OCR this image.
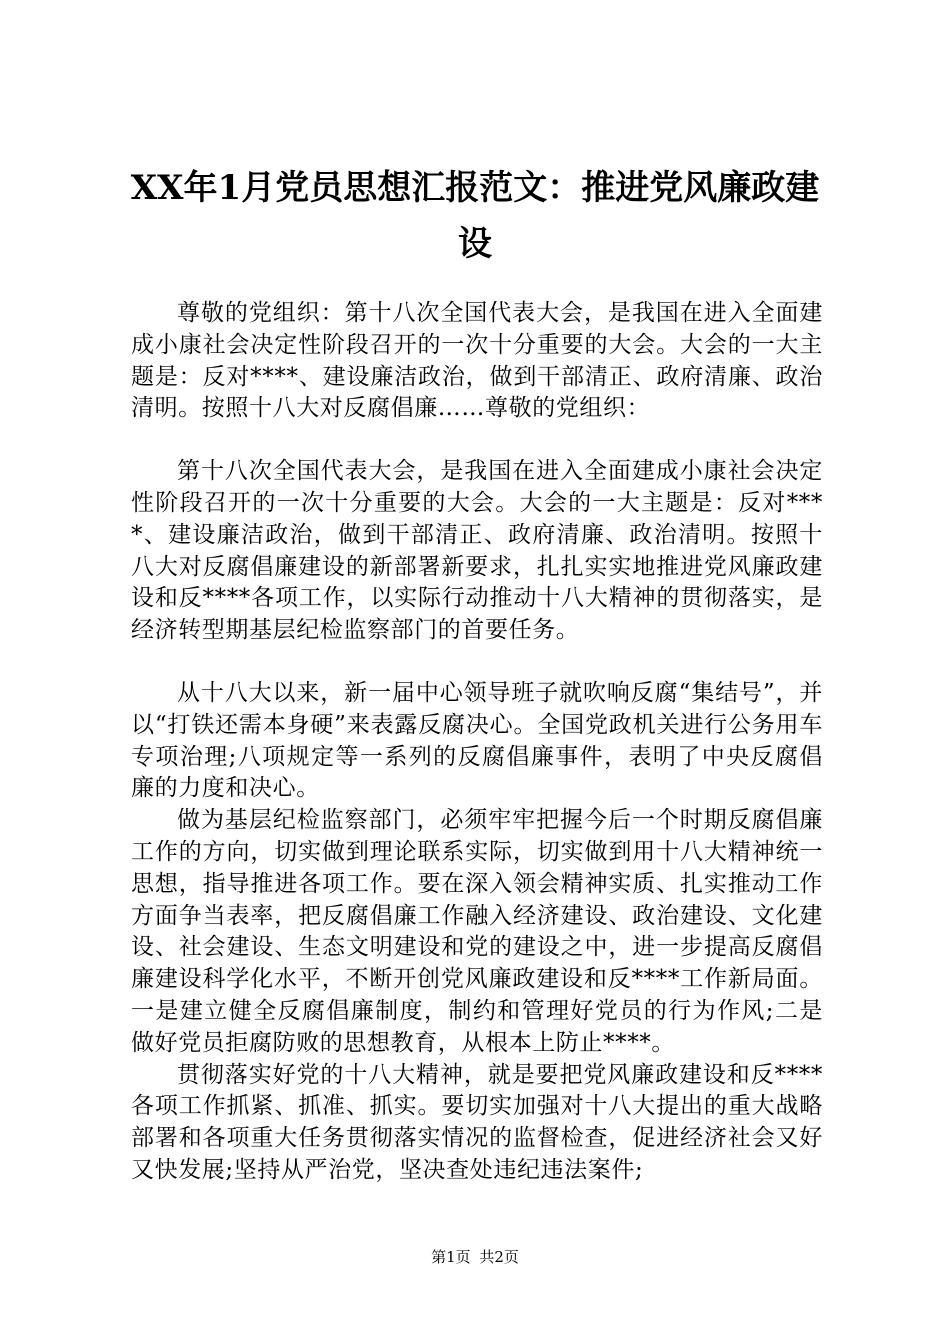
XX年1月党员思想汇报范文：推进党风廉政建设

尊敬的党组织：第十八次全国代表大会，是我国在进入全面建成小康社会决定性阶段召开的一次十分重要的大会。大会的一大主题是：反对****、建设廉洁政治，做到干部清正、政府清廉、政治清明。按照十八大对反腐倡廉……尊敬的党组织：

第十八次全国代表大会，是我国在进入全面建成小康社会决定性阶段召开的一次十分重要的大会。大会的一大主题是：反对****、建设廉洁政治，做到干部清正、政府清廉、政治清明。按照十八大对反腐倡廉建设的新部署新要求，扎扎实实地推进党风廉政建设和反****各项工作，以实际行动推动十八大精神的贯彻落实，是经济转型期基层纪检监察部门的首要任务。

从十八大以来，新一届中心领导班子就吹响反腐“集结号”，并以“打铁还需本身硬”来表露反腐决心。全国党政机关进行公务用车专项治理;八项规定等一系列的反腐倡廉事件，表明了中央反腐倡廉的力度和决心。

做为基层纪检监察部门，必须牢牢把握今后一个时期反腐倡廉工作的方向，切实做到理论联系实际，切实做到用十八大精神统一思想，指导推进各项工作。要在深入领会精神实质、扎实推动工作方面争当表率，把反腐倡廉工作融入经济建设、政治建设、文化建设、社会建设、生态文明建设和党的建设之中，进一步提高反腐倡廉建设科学化水平，不断开创党风廉政建设和反****工作新局面。一是建立健全反腐倡廉制度，制约和管理好党员的行为作风;二是做好党员拒腐防败的思想教育，从根本上防止****。

贯彻落实好党的十八大精神，就是要把党风廉政建设和反****各项工作抓紧、抓准、抓实。要切实加强对十八大提出的重大战略部署和各项重大任务贯彻落实情况的监督检查，促进经济社会又好又快发展;坚持从严治党，坚决查处违纪违法案件;

第1页 共2页
